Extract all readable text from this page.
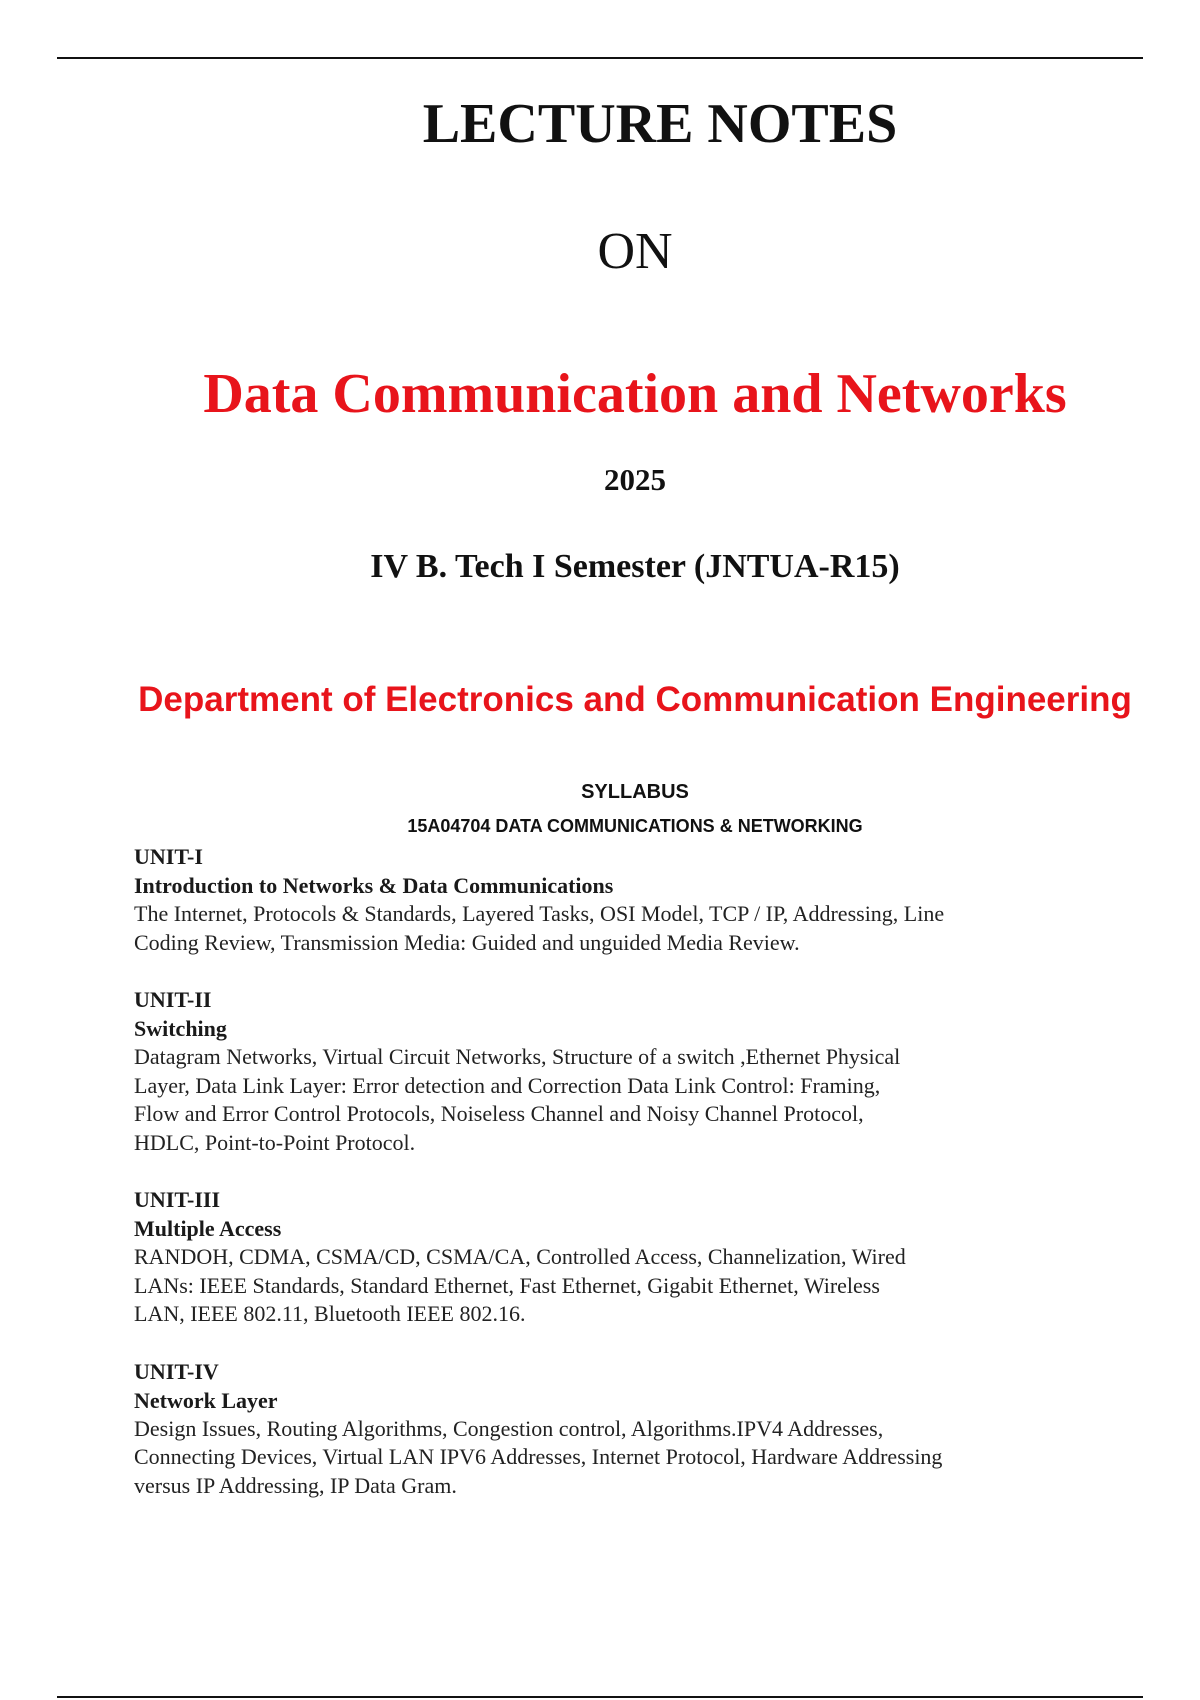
LECTURE NOTES
ON
Data Communication and Networks
2025
IV B. Tech I Semester (JNTUA-R15)
Department of Electronics and Communication Engineering
SYLLABUS
15A04704 DATA COMMUNICATIONS & NETWORKING
UNIT-I
Introduction to Networks & Data Communications
The Internet, Protocols & Standards, Layered Tasks, OSI Model, TCP / IP, Addressing, Line
Coding Review, Transmission Media: Guided and unguided Media Review.
UNIT-II
Switching
Datagram Networks, Virtual Circuit Networks, Structure of a switch ,Ethernet Physical
Layer, Data Link Layer: Error detection and Correction Data Link Control: Framing,
Flow and Error Control Protocols, Noiseless Channel and Noisy Channel Protocol,
HDLC, Point-to-Point Protocol.
UNIT-III
Multiple Access
RANDOH, CDMA, CSMA/CD, CSMA/CA, Controlled Access, Channelization, Wired
LANs: IEEE Standards, Standard Ethernet, Fast Ethernet, Gigabit Ethernet, Wireless
LAN, IEEE 802.11, Bluetooth IEEE 802.16.
UNIT-IV
Network Layer
Design Issues, Routing Algorithms, Congestion control, Algorithms.IPV4 Addresses,
Connecting Devices, Virtual LAN IPV6 Addresses, Internet Protocol, Hardware Addressing
versus IP Addressing, IP Data Gram.
